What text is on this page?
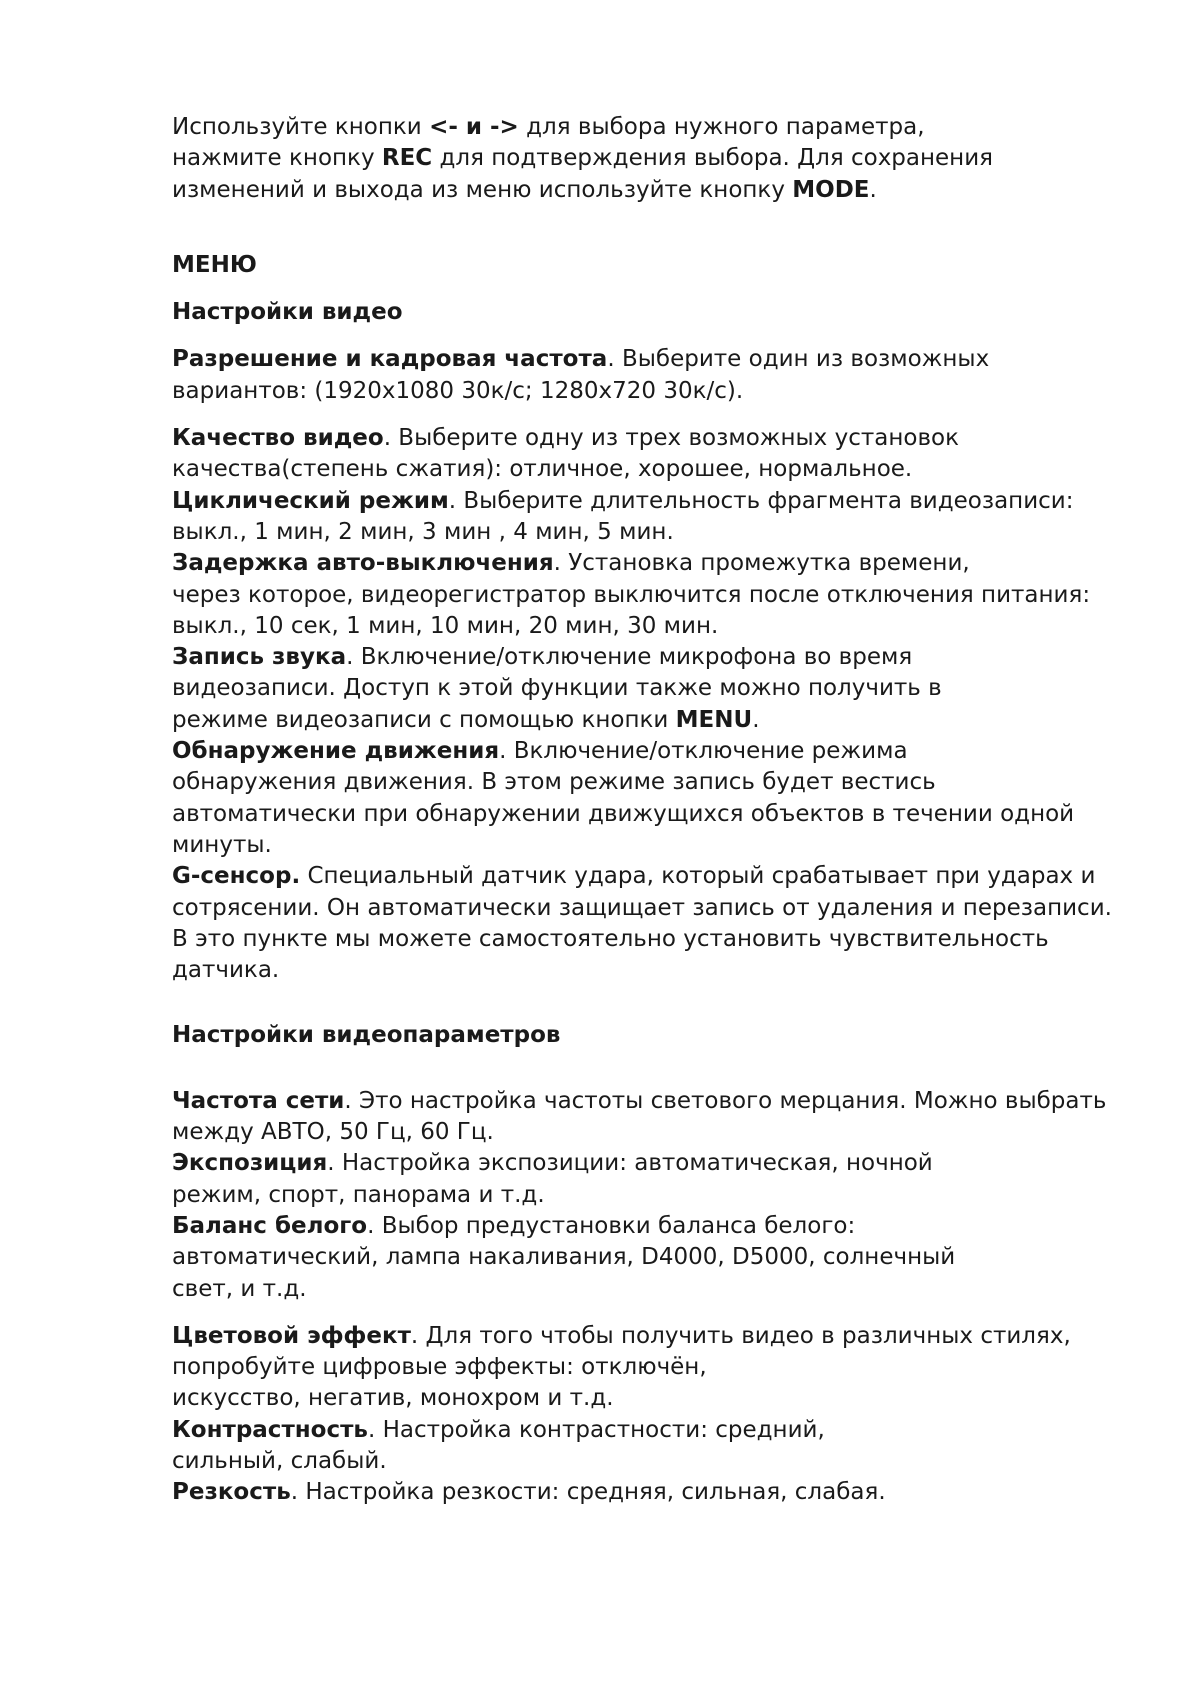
Используйте кнопки <- и -> для выбора нужного параметра,

нажмите кнопку REC для подтверждения выбора. Для сохранения

изменений и выхода из меню используйте кнопку MODE.

МЕНЮ

Настройки видео

Разрешение и кадровая частота. Выберите один из возможных

вариантов: (1920x1080 30к/с; 1280x720 30к/с).

Качество видео. Выберите одну из трех возможных установок

качества(степень сжатия): отличное, хорошее, нормальное.

Циклический режим. Выберите длительность фрагмента видеозаписи:

выкл., 1 мин, 2 мин, 3 мин , 4 мин, 5 мин.

Задержка авто-выключения. Установка промежутка времени,

через которое, видеорегистратор выключится после отключения питания:

выкл., 10 сек, 1 мин, 10 мин, 20 мин, 30 мин.

Запись звука. Включение/отключение микрофона во время

видеозаписи. Доступ к этой функции также можно получить в

режиме видеозаписи с помощью кнопки MENU.

Обнаружение движения. Включение/отключение режима

обнаружения движения. В этом режиме запись будет вестись

автоматически при обнаружении движущихся объектов в течении одной

минуты.

G-сенсор. Специальный датчик удара, который срабатывает при ударах и

сотрясении. Он автоматически защищает запись от удаления и перезаписи.

В это пункте мы можете самостоятельно установить чувствительность

датчика.

Настройки видеопараметров

Частота сети. Это настройка частоты светового мерцания. Можно выбрать

между АВТО, 50 Гц, 60 Гц.

Экспозиция. Настройка экспозиции: автоматическая, ночной

режим, спорт, панорама и т.д.

Баланс белого. Выбор предустановки баланса белого:

автоматический, лампа накаливания, D4000, D5000, солнечный

свет, и т.д.

Цветовой эффект. Для того чтобы получить видео в различных стилях,

попробуйте цифровые эффекты: отключён,

искусство, негатив, монохром и т.д.

Контрастность. Настройка контрастности: средний,

сильный, слабый.

Резкость. Настройка резкости: средняя, сильная, слабая.
